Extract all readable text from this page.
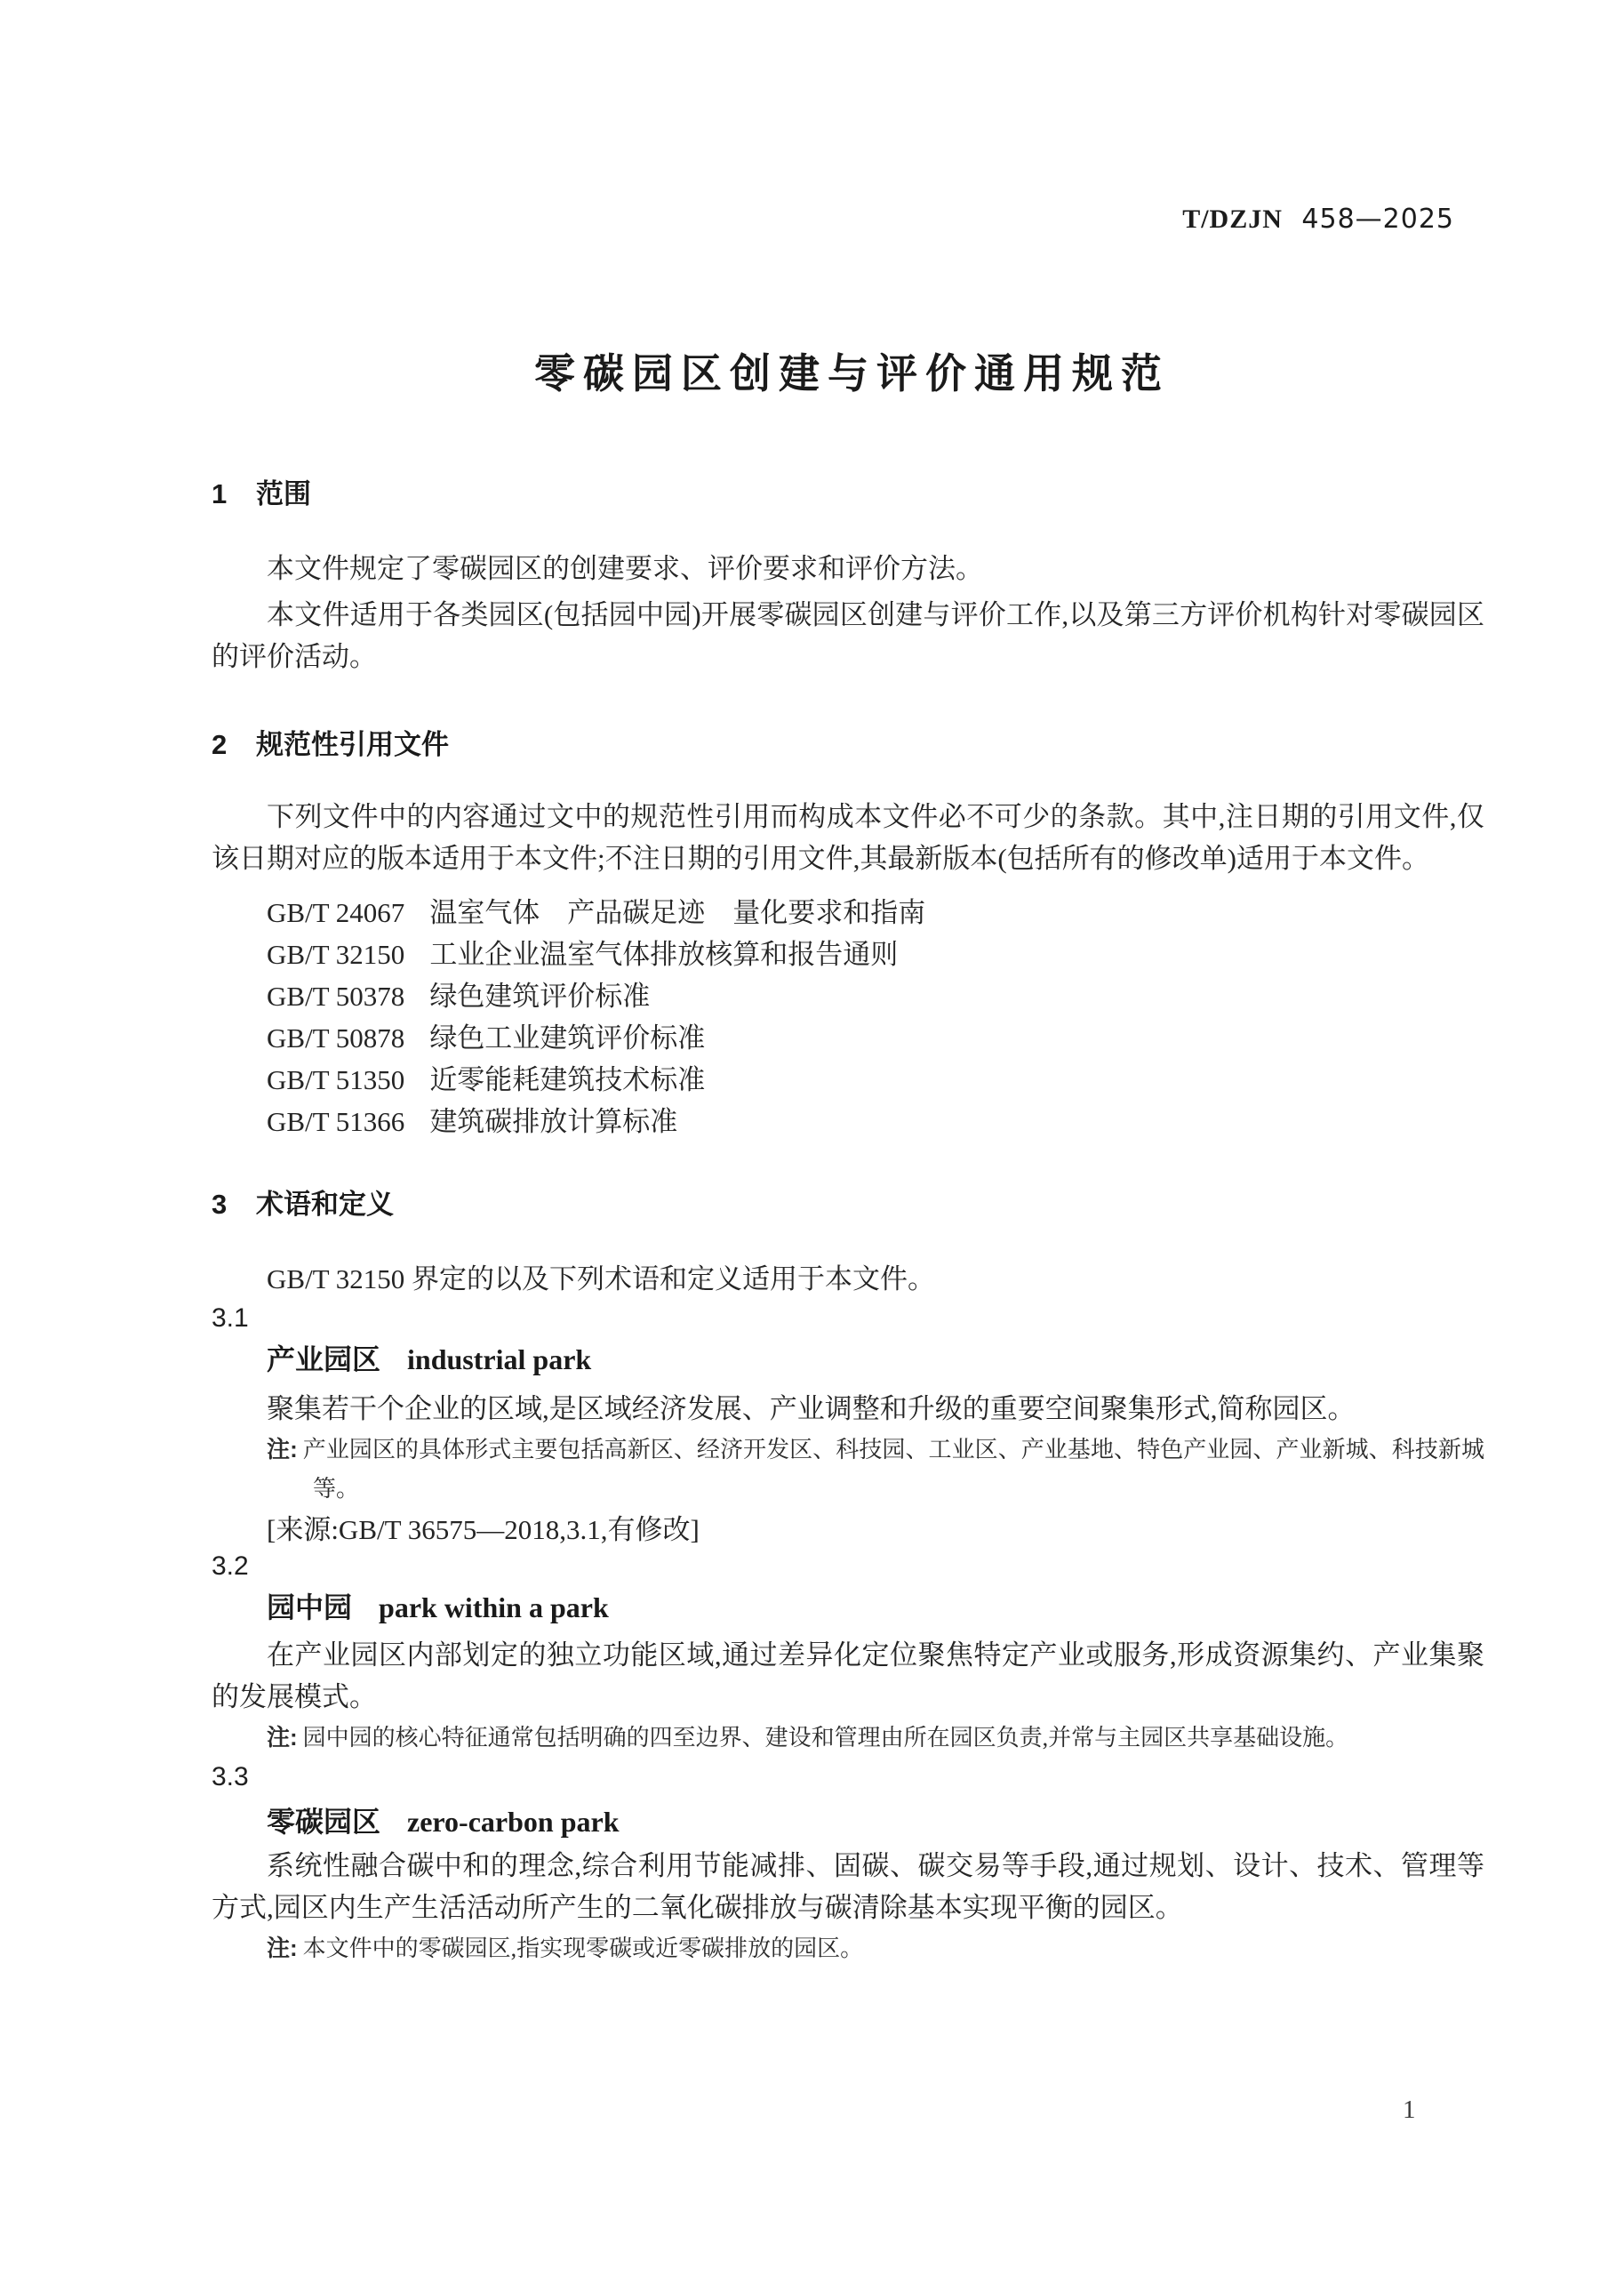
T/DZJN 458—2025
零碳园区创建与评价通用规范
1 范围

本文件规定了零碳园区的创建要求、评价要求和评价方法。

本文件适用于各类园区(包括园中园)开展零碳园区创建与评价工作,以及第三方评价机构针对零碳园区的评价活动。

2 规范性引用文件

下列文件中的内容通过文中的规范性引用而构成本文件必不可少的条款。其中,注日期的引用文件,仅该日期对应的版本适用于本文件;不注日期的引用文件,其最新版本(包括所有的修改单)适用于本文件。

GB/T 24067 温室气体　产品碳足迹　量化要求和指南

GB/T 32150 工业企业温室气体排放核算和报告通则

GB/T 50378 绿色建筑评价标准

GB/T 50878 绿色工业建筑评价标准

GB/T 51350 近零能耗建筑技术标准

GB/T 51366 建筑碳排放计算标准

3 术语和定义

GB/T 32150 界定的以及下列术语和定义适用于本文件。

3.1

产业园区 industrial park

聚集若干个企业的区域,是区域经济发展、产业调整和升级的重要空间聚集形式,简称园区。

注: 产业园区的具体形式主要包括高新区、经济开发区、科技园、工业区、产业基地、特色产业园、产业新城、科技新城等。

[来源:GB/T 36575—2018,3.1,有修改]

3.2

园中园 park within a park

在产业园区内部划定的独立功能区域,通过差异化定位聚焦特定产业或服务,形成资源集约、产业集聚的发展模式。

注: 园中园的核心特征通常包括明确的四至边界、建设和管理由所在园区负责,并常与主园区共享基础设施。

3.3

零碳园区 zero-carbon park

系统性融合碳中和的理念,综合利用节能减排、固碳、碳交易等手段,通过规划、设计、技术、管理等方式,园区内生产生活活动所产生的二氧化碳排放与碳清除基本实现平衡的园区。

注: 本文件中的零碳园区,指实现零碳或近零碳排放的园区。

1
